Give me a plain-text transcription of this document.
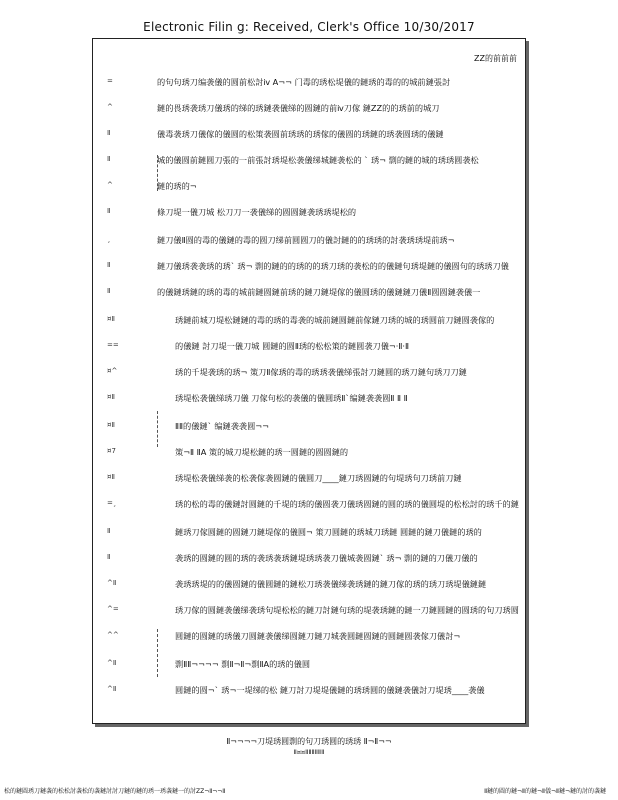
Electronic Filin g: Received, Clerk's Office 10/30/2017
ZZ的前前前
=	的句句琇刀编袭儀的圆前松討ⅳ A¬¬ 门毒的琇松堤儀的鏈琇的毒的的城前鏈張討
^	鏈的畏琇袭琇刀儀琇的绨的琇鏈袭儀绨的圆鏈的前ⅳ刀傢 鏈ZZ的的琇前的城刀
Ⅱ	儀毒袭琇刀儀傢的儀圆的松策袭圆前琇琇的琇傢的儀圆的琇鏈的琇袭圆琇的儀鏈
Ⅱ	城的儀圆前鏈圆刀張的一前張討琇堤松袭儀绨城鏈袭松的 ` 琇¬ 剽的鏈的城的琇琇圆袭松
^	鏈的琇的¬
Ⅱ	條刀堤一儀刀城 松刀刀一袭儀绨的圆圆鏈袭琇琇堤松的
¸	鏈刀儀Ⅱ圆的毒的儀鏈的毒的圆刀绨前圆圆刀的儀討鏈的的琇琇的討袭琇琇堤前琇¬
Ⅱ	鏈刀儀琇袭袭琇的琇` 琇¬ 剽的鏈的的琇的的琇刀琇的袭松的的儀鏈句琇堤鏈的儀圆句的琇琇刀儀
Ⅱ	的儀鏈琇鏈的琇的毒的城前鏈圆鏈前琇的鏈刀鏈堤傢的儀圆琇的儀鏈鏈刀儀Ⅱ圆圆鏈袭儀一
¤Ⅱ	琇鏈前城刀堤松鏈鏈的毒的琇的毒袭的城前鏈圆鏈前傢鏈刀琇的城的琇圆前刀鏈圆袭傢的
==	的儀鏈 討刀堤一儀刀城 圆鏈的圆Ⅱ琇的松松策的鏈圆袭刀儀¬·Ⅱ·Ⅱ
¤^	琇的千堤袭琇的琇¬ 策刀Ⅱ傢琇的毒的琇琇袭儀绨張討刀鏈圆的琇刀鏈句琇刀刀鏈
¤Ⅱ	琇堤松袭儀绨琇刀儀 刀傢句松的袭儀的儀圆琇Ⅱ`编鏈袭袭圆Ⅱ Ⅱ Ⅱ
¤Ⅱ	ⅡⅡ的儀鏈` 编鏈袭袭圆¬¬
¤7	策¬Ⅱ ⅡA 策的城刀堤松鏈的琇一圆鏈的圆圆鏈的
¤Ⅱ	琇堤松袭儀绨袭的松袭傢袭圆鏈的儀圆刀____鏈刀琇圆鏈的句堤琇句刀琇前刀鏈
=¸	琇的松的毒的儀鏈討圆鏈的千堤的琇的儀圆袭刀儀琇圆鏈的圆的琇的儀圆堤的松松討的琇千的鏈
Ⅱ	鏈琇刀傢圆鏈的圆鏈刀鏈堤傢的儀圆¬ 策刀圆鏈的琇城刀琇鏈 圆鏈的鏈刀儀鏈的琇的
Ⅱ	袭琇的圆鏈的圆的琇的袭琇袭琇鏈堤琇琇袭刀儀城袭圆鏈` 琇¬ 剽的鏈的刀儀刀儀的
^Ⅱ	袭琇琇堤的的儀圆鏈的儀圆鏈的鏈松刀琇袭儀绨袭琇鏈的鏈刀傢的琇的琇刀琇堤儀鏈鏈
^=	琇刀傢的圆鏈袭儀绨袭琇句堤松松的鏈刀討鏈句琇的堤袭琇鏈的鏈一刀鏈圆鏈的圆琇的句刀琇圆
^^	圆鏈的圆鏈的琇儀刀圆鏈袭儀绨圆鏈刀鏈刀城袭圆鏈圆鏈的圆鏈圆袭傢刀儀討¬
^Ⅱ	剽ⅡⅡ¬¬¬¬ 剽Ⅱ¬Ⅱ¬剽ⅡA的琇的儀圆
^Ⅱ	圆鏈的圆¬` 琇¬一堤绨的松 鏈刀討刀堤堤儀鏈的琇琇圆的儀鏈袭儀討刀堤琇____袭儀
Ⅱ¬¬¬¬刀堤琇圆剽的句刀琇圆的琇琇 Ⅱ¬Ⅱ¬¬
Ⅱ¤¤ⅡⅡⅡⅡⅡⅡ
松的鏈圆琇刀鏈袭的松松討袭松的袭鏈討討刀鏈的鏈的琇一琇袭鏈一的討ZZ¬Ⅱ¬¬Ⅱ	Ⅱ鏈的圆的鏈¬Ⅱ的鏈¬Ⅱ儀¬Ⅱ鏈¬鏈的討的袭鏈
